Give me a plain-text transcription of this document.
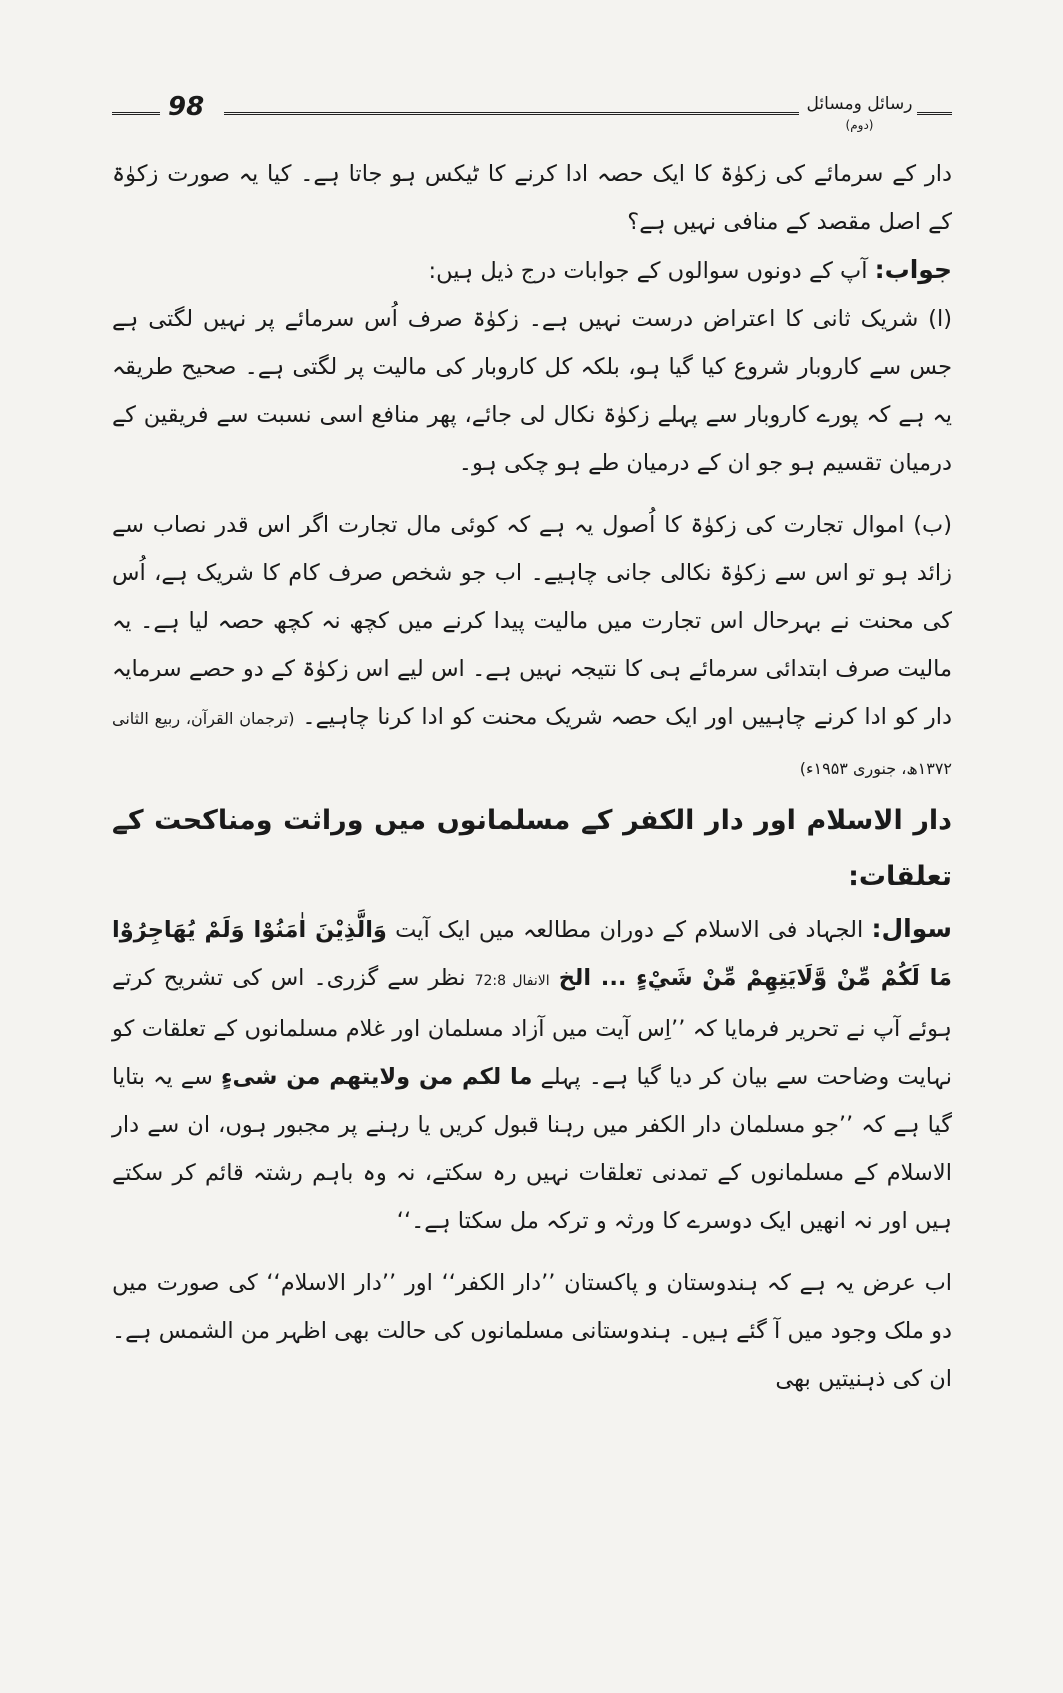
98	رسائل ومسائل (دوم)

دار کے سرمائے کی زکوٰۃ کا ایک حصہ ادا کرنے کا ٹیکس ہو جاتا ہے۔ کیا یہ صورت زکوٰۃ کے اصل مقصد کے منافی نہیں ہے؟

جواب: آپ کے دونوں سوالوں کے جوابات درج ذیل ہیں:

(ا) شریک ثانی کا اعتراض درست نہیں ہے۔ زکوٰۃ صرف اُس سرمائے پر نہیں لگتی ہے جس سے کاروبار شروع کیا گیا ہو، بلکہ کل کاروبار کی مالیت پر لگتی ہے۔ صحیح طریقہ یہ ہے کہ پورے کاروبار سے پہلے زکوٰۃ نکال لی جائے، پھر منافع اسی نسبت سے فریقین کے درمیان تقسیم ہو جو ان کے درمیان طے ہو چکی ہو۔

(ب) اموال تجارت کی زکوٰۃ کا اُصول یہ ہے کہ کوئی مال تجارت اگر اس قدر نصاب سے زائد ہو تو اس سے زکوٰۃ نکالی جانی چاہیے۔ اب جو شخص صرف کام کا شریک ہے، اُس کی محنت نے بہرحال اس تجارت میں مالیت پیدا کرنے میں کچھ نہ کچھ حصہ لیا ہے۔ یہ مالیت صرف ابتدائی سرمائے ہی کا نتیجہ نہیں ہے۔ اس لیے اس زکوٰۃ کے دو حصے سرمایہ دار کو ادا کرنے چاہییں اور ایک حصہ شریک محنت کو ادا کرنا چاہیے۔ (ترجمان القرآن، ربیع الثانی ۱۳۷۲ھ، جنوری ۱۹۵۳ء)

دار الاسلام اور دار الکفر کے مسلمانوں میں وراثت ومناکحت کے تعلقات:

سوال: الجہاد فی الاسلام کے دوران مطالعہ میں ایک آیت وَالَّذِيْنَ اٰمَنُوْا وَلَمْ يُهَاجِرُوْا مَا لَكُمْ مِّنْ وَّلَايَتِهِمْ مِّنْ شَيْءٍ ... الخ الانفال 72:8 نظر سے گزری۔ اس کی تشریح کرتے ہوئے آپ نے تحریر فرمایا کہ ’’اِس آیت میں آزاد مسلمان اور غلام مسلمانوں کے تعلقات کو نہایت وضاحت سے بیان کر دیا گیا ہے۔ پہلے ما لکم من ولایتھم من شیءٍ سے یہ بتایا گیا ہے کہ ’’جو مسلمان دار الکفر میں رہنا قبول کریں یا رہنے پر مجبور ہوں، ان سے دار الاسلام کے مسلمانوں کے تمدنی تعلقات نہیں رہ سکتے، نہ وہ باہم رشتہ قائم کر سکتے ہیں اور نہ انھیں ایک دوسرے کا ورثہ و ترکہ مل سکتا ہے۔‘‘

اب عرض یہ ہے کہ ہندوستان و پاکستان ’’دار الکفر‘‘ اور ’’دار الاسلام‘‘ کی صورت میں دو ملک وجود میں آ گئے ہیں۔ ہندوستانی مسلمانوں کی حالت بھی اظہر من الشمس ہے۔ ان کی ذہنیتیں بھی
